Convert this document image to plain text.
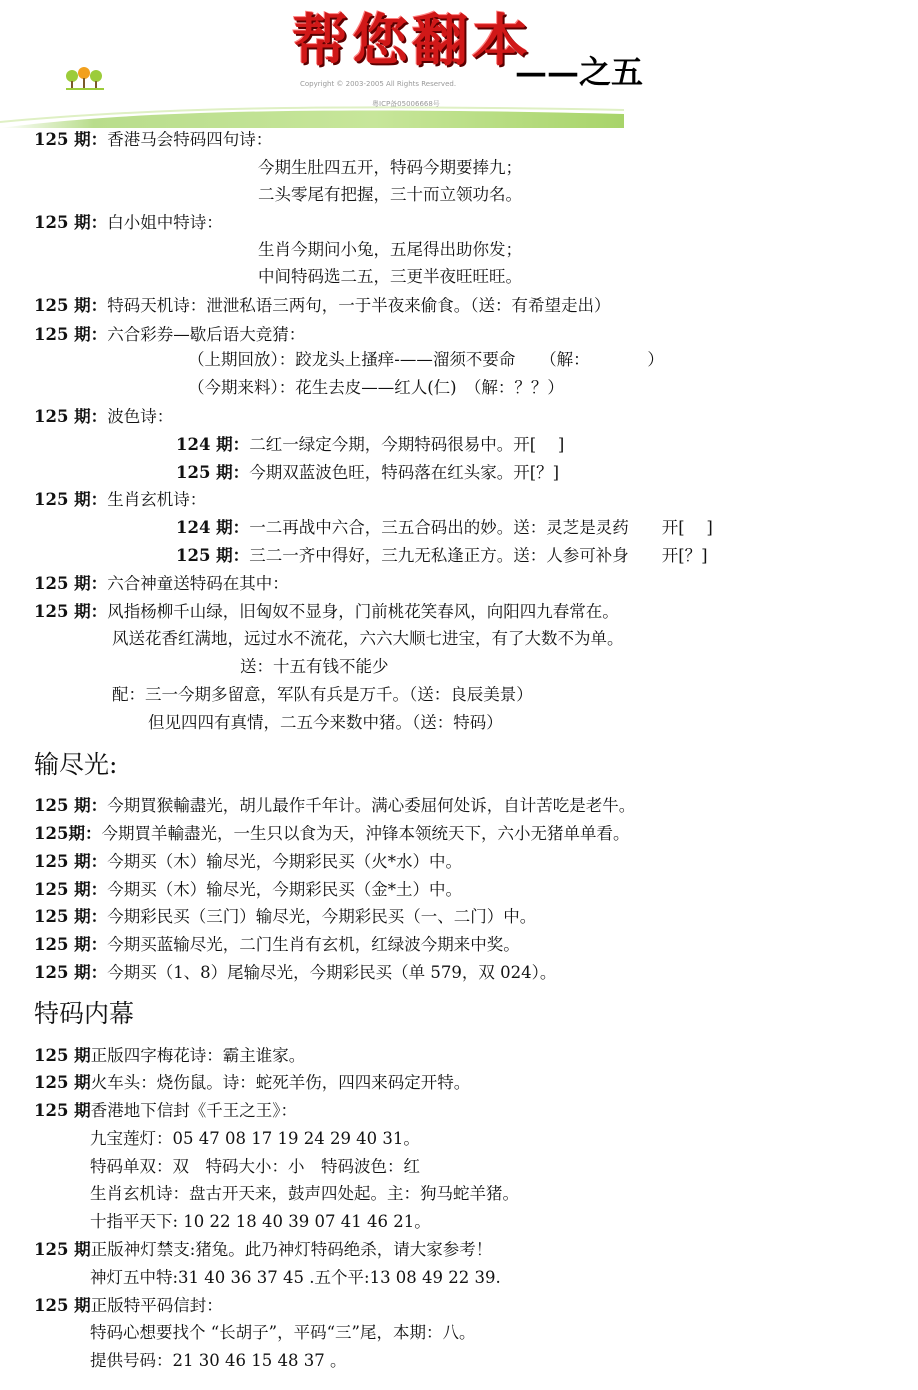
Copyright © 2003-2005 All Rights Reserved.
粤ICP备05006668号
帮您翻本
——之五
125 期：香港马会特码四句诗：
今期生肚四五开，特码今期要捧九；
二头零尾有把握，三十而立领功名。
125 期：白小姐中特诗：
生肖今期问小兔，五尾得出助你发；
中间特码选二五，三更半夜旺旺旺。
125 期：特码天机诗：泄泄私语三两句，一于半夜来偷食。（送：有希望走出）
125 期：六合彩券—歇后语大竞猜：
（上期回放）：跤龙头上搔痒-——溜须不要命　　（解：　　　　）
（今期来料）：花生去皮——红人(仁)　（解：？？）
125 期：波色诗：
124 期：二红一绿定今期，今期特码很易中。开[　 ]
125 期：今期双蓝波色旺，特码落在红头家。开[？]
125 期：生肖玄机诗：
124 期：一二再战中六合，三五合码出的妙。送：灵芝是灵药　　开[　 ]
125 期：三二一齐中得好，三九无私逢正方。送：人参可补身　　开[？]
125 期：六合神童送特码在其中：
125 期：风指杨柳千山绿，旧匈奴不显身，门前桃花笑春风，向阳四九春常在。
风送花香红满地，远过水不流花，六六大顺七进宝，有了大数不为单。
送：十五有钱不能少
配：三一今期多留意，军队有兵是万千。（送：良辰美景）
但见四四有真情，二五今来数中猪。（送：特码）
输尽光:
125 期：今期買猴輸盡光，胡儿最作千年计。满心委屈何处诉，自计苦吃是老牛。
125期：今期買羊輸盡光，一生只以食为天，沖锋本领统天下，六小无猪单单看。
125 期：今期买（木）输尽光，今期彩民买（火*水）中。
125 期：今期买（木）输尽光，今期彩民买（金*土）中。
125 期：今期彩民买（三门）输尽光，今期彩民买（一、二门）中。
125 期：今期买蓝输尽光，二门生肖有玄机，红绿波今期来中奖。
125 期：今期买（1、8）尾输尽光，今期彩民买（单 579，双 024）。
特码内幕
125 期正版四字梅花诗：霸主谁家。
125 期火车头：烧伤鼠。诗：蛇死羊伤，四四来码定开特。
125 期香港地下信封《千王之王》：
九宝莲灯：05 47 08 17 19 24 29 40 31。
特码单双：双　特码大小：小　特码波色：红
生肖玄机诗：盘古开天来，鼓声四处起。主：狗马蛇羊猪。
十指平天下: 10 22 18 40 39 07 41 46 21。
125 期正版神灯禁支:猪兔。此乃神灯特码绝杀，请大家参考！
神灯五中特:31 40 36 37 45 .五个平:13 08 49 22 39.
125 期正版特平码信封：
特码心想要找个 “长胡子”，平码“三”尾，本期：八。
提供号码：21 30 46 15 48 37 。
